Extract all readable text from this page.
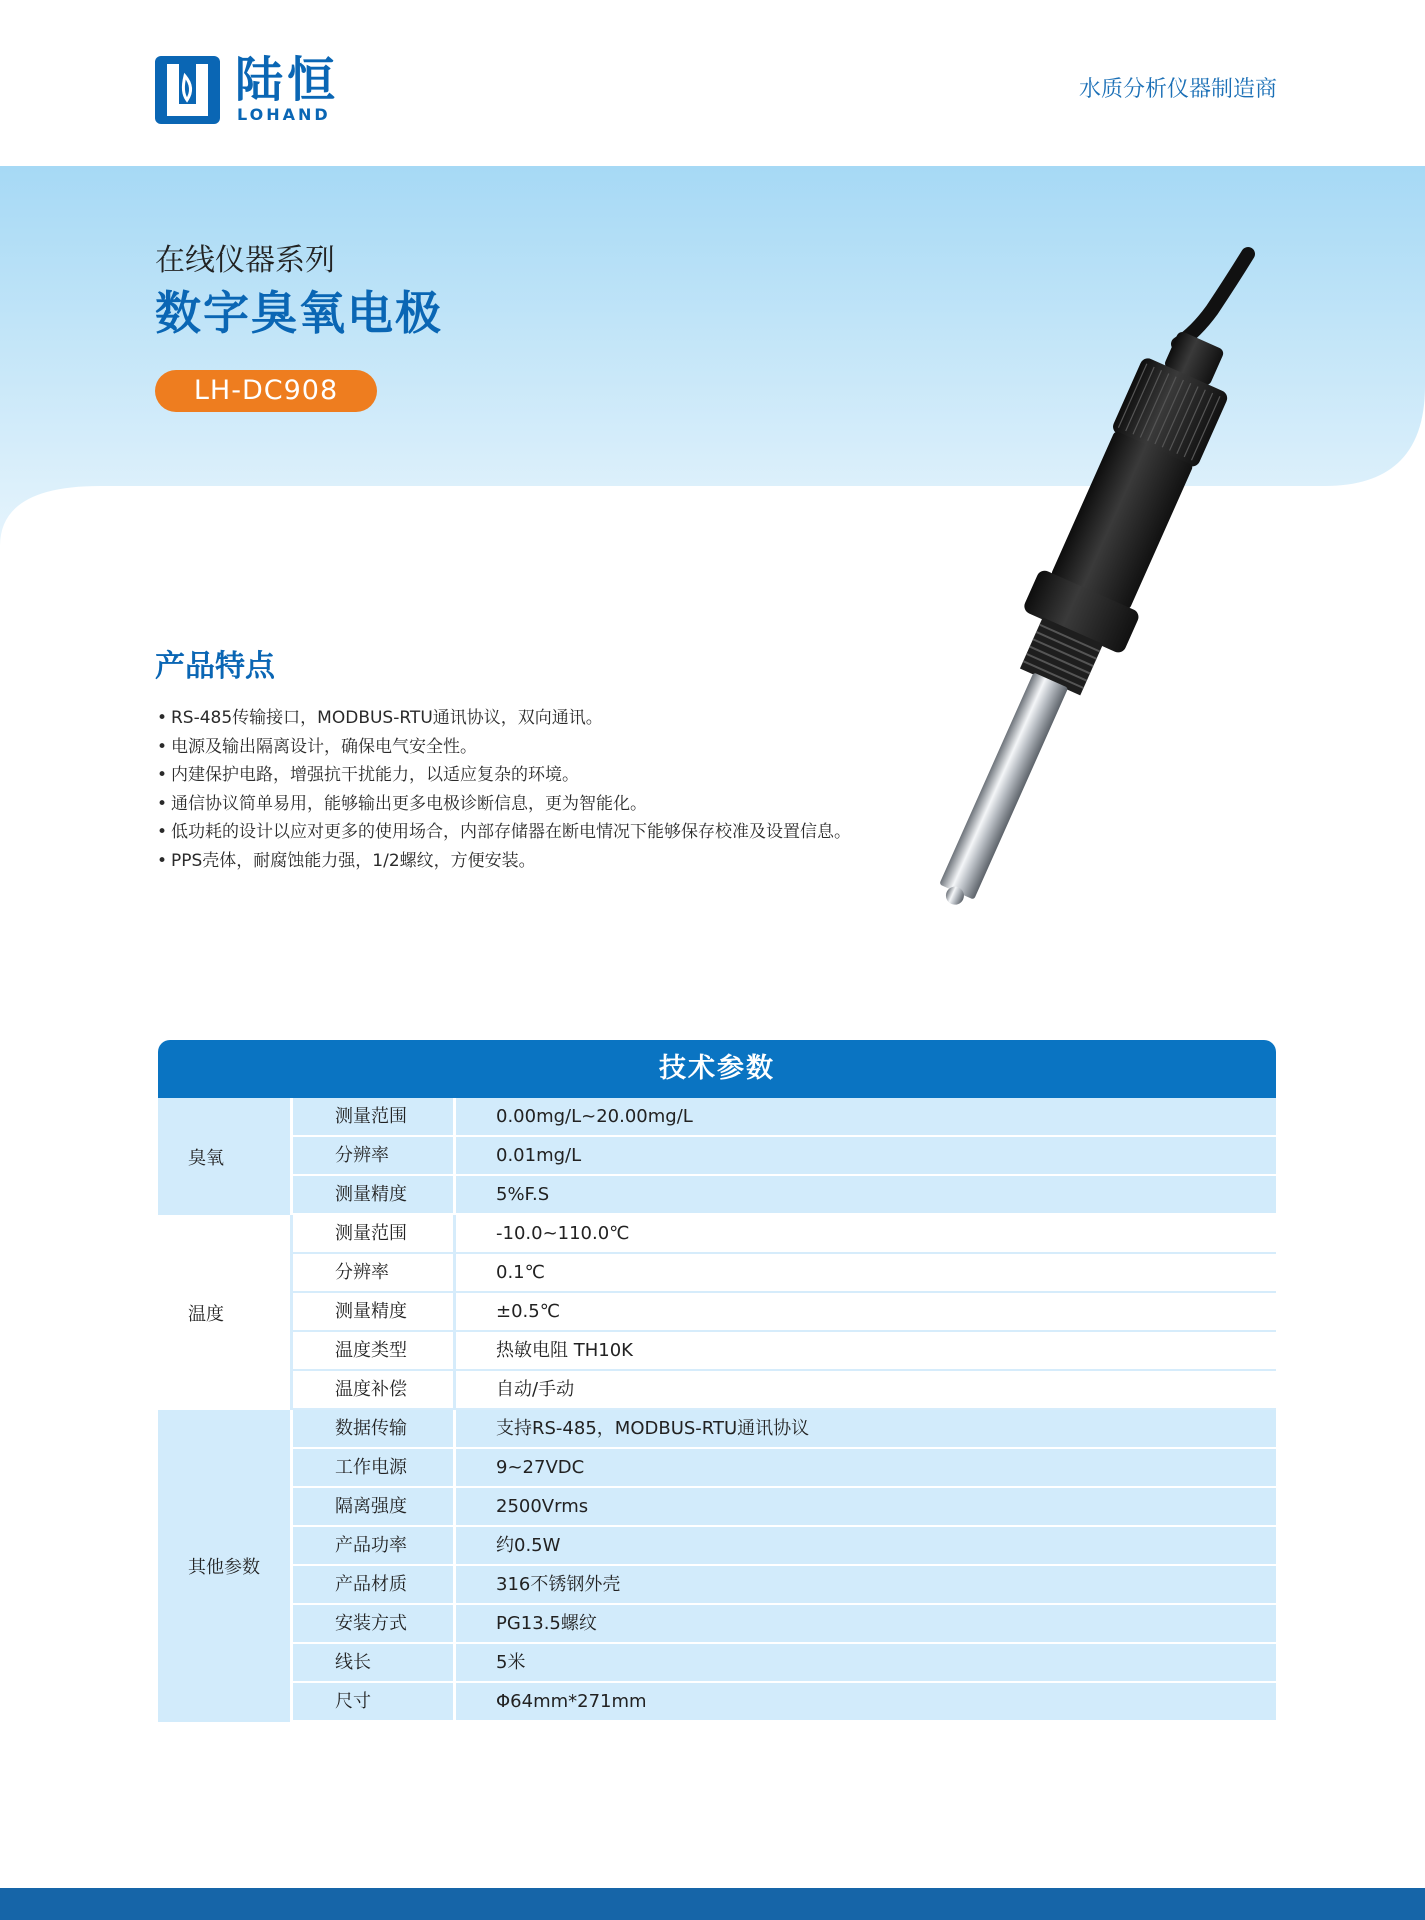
陆恒
LOHAND
水质分析仪器制造商
在线仪器系列
数字臭氧电极
LH-DC908
产品特点
• RS-485传输接口，MODBUS-RTU通讯协议，双向通讯。
• 电源及输出隔离设计，确保电气安全性。
• 内建保护电路，增强抗干扰能力，以适应复杂的环境。
• 通信协议简单易用，能够输出更多电极诊断信息，更为智能化。
• 低功耗的设计以应对更多的使用场合，内部存储器在断电情况下能够保存校准及设置信息。
• PPS壳体，耐腐蚀能力强，1/2螺纹，方便安装。
技术参数
臭氧
测量范围	0.00mg/L~20.00mg/L
分辨率	0.01mg/L
测量精度	5%F.S
温度
测量范围	-10.0~110.0℃
分辨率	0.1℃
测量精度	±0.5℃
温度类型	热敏电阻 TH10K
温度补偿	自动/手动
其他参数
数据传输	支持RS-485，MODBUS-RTU通讯协议
工作电源	9~27VDC
隔离强度	2500Vrms
产品功率	约0.5W
产品材质	316不锈钢外壳
安装方式	PG13.5螺纹
线长	5米
尺寸	Φ64mm*271mm
